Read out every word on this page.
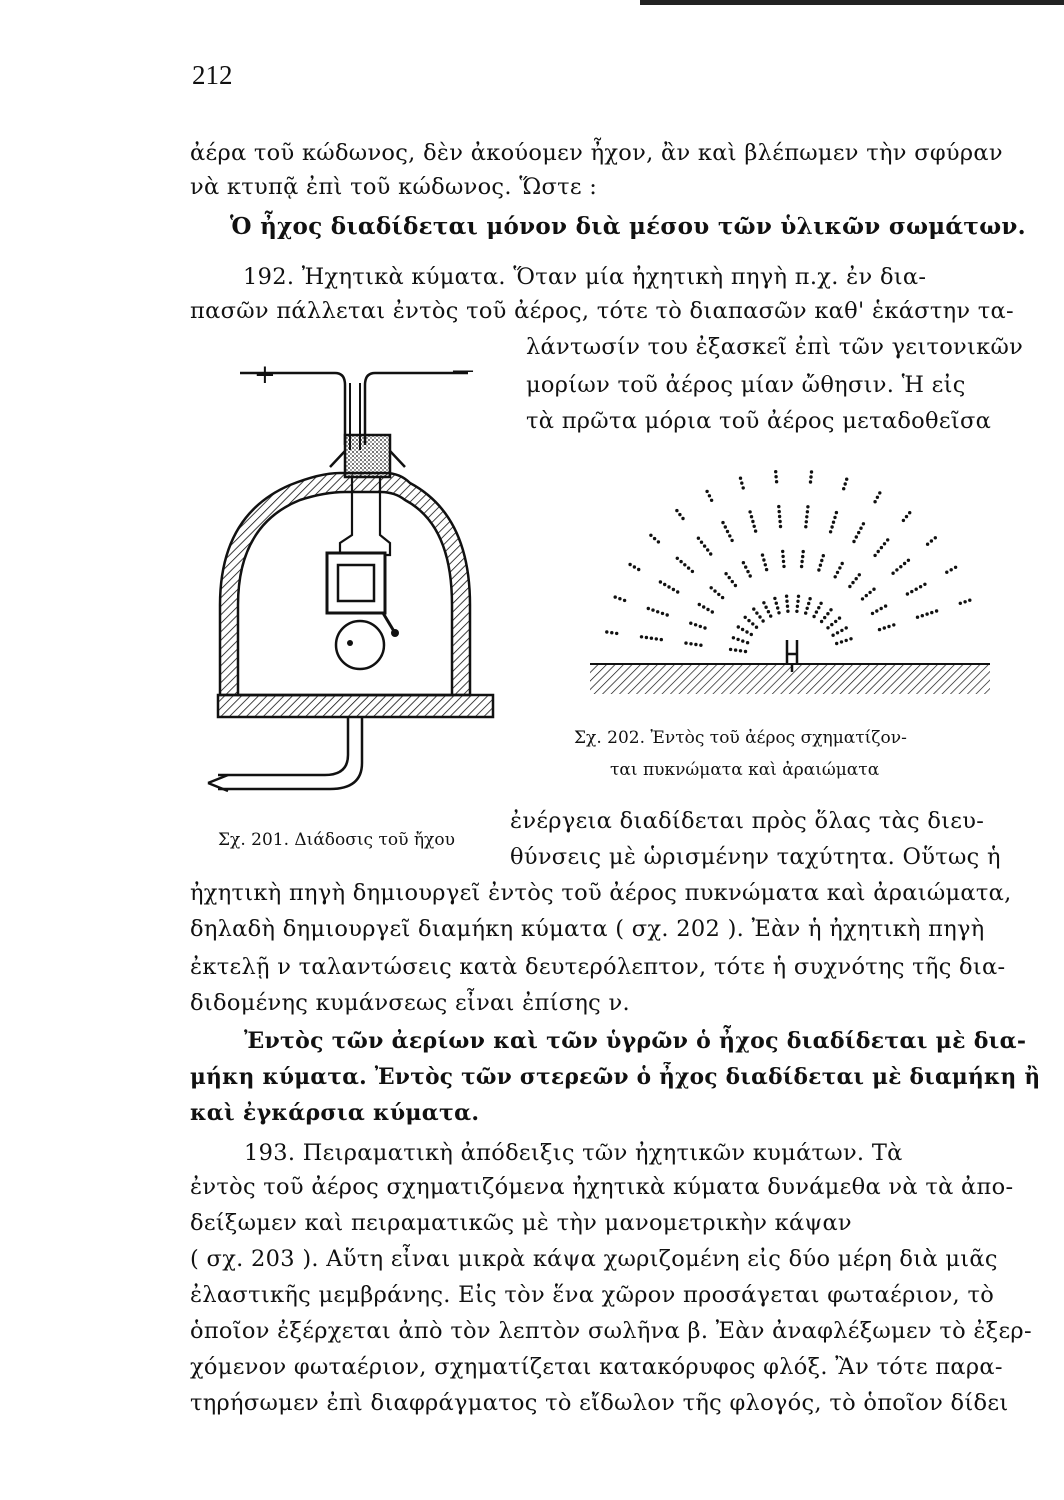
212
ἀέρα τοῦ κώδωνος, δὲν ἀκούομεν ἦχον, ἂν καὶ βλέπωμεν τὴν σφύραν
νὰ κτυπᾷ ἐπὶ τοῦ κώδωνος. Ὥστε :
Ὁ ἦχος διαδίδεται μόνον διὰ μέσου τῶν ὑλικῶν σωμάτων.
192. Ἠχητικὰ κύματα. Ὅταν μία ἠχητικὴ πηγὴ π.χ. ἐν δια-
πασῶν πάλλεται ἐντὸς τοῦ ἀέρος, τότε τὸ διαπασῶν καθ' ἑκάστην τα-
λάντωσίν του ἐξασκεῖ ἐπὶ τῶν γειτονικῶν
μορίων τοῦ ἀέρος μίαν ὤθησιν. Ἡ εἰς
τὰ πρῶτα μόρια τοῦ ἀέρος μεταδοθεῖσα
+	—
Σχ. 202. Ἐντὸς τοῦ ἀέρος σχηματίζον-
ται πυκνώματα καὶ ἀραιώματα
ἐνέργεια διαδίδεται πρὸς ὅλας τὰς διευ-
Σχ. 201. Διάδοσις τοῦ ἤχου
θύνσεις μὲ ὡρισμένην ταχύτητα. Οὕτως ἡ
ἠχητικὴ πηγὴ δημιουργεῖ ἐντὸς τοῦ ἀέρος πυκνώματα καὶ ἀραιώματα,
δηλαδὴ δημιουργεῖ διαμήκη κύματα ( σχ. 202 ). Ἐὰν ἡ ἠχητικὴ πηγὴ
ἐκτελῇ ν ταλαντώσεις κατὰ δευτερόλεπτον, τότε ἡ συχνότης τῆς δια-
διδομένης κυμάνσεως εἶναι ἐπίσης ν.
Ἐντὸς τῶν ἀερίων καὶ τῶν ὑγρῶν ὁ ἦχος διαδίδεται μὲ δια-
μήκη κύματα. Ἐντὸς τῶν στερεῶν ὁ ἦχος διαδίδεται μὲ διαμήκη ἢ
καὶ ἐγκάρσια κύματα.
193. Πειραματικὴ ἀπόδειξις τῶν ἠχητικῶν κυμάτων. Τὰ
ἐντὸς τοῦ ἀέρος σχηματιζόμενα ἠχητικὰ κύματα δυνάμεθα νὰ τὰ ἀπο-
δείξωμεν καὶ πειραματικῶς μὲ τὴν μανομετρικὴν κάψαν
( σχ. 203 ). Αὕτη εἶναι μικρὰ κάψα χωριζομένη εἰς δύο μέρη διὰ μιᾶς
ἐλαστικῆς μεμβράνης. Εἰς τὸν ἕνα χῶρον προσάγεται φωταέριον, τὸ
ὁποῖον ἐξέρχεται ἀπὸ τὸν λεπτὸν σωλῆνα β. Ἐὰν ἀναφλέξωμεν τὸ ἐξερ-
χόμενον φωταέριον, σχηματίζεται κατακόρυφος φλόξ. Ἂν τότε παρα-
τηρήσωμεν ἐπὶ διαφράγματος τὸ εἴδωλον τῆς φλογός, τὸ ὁποῖον δίδει
